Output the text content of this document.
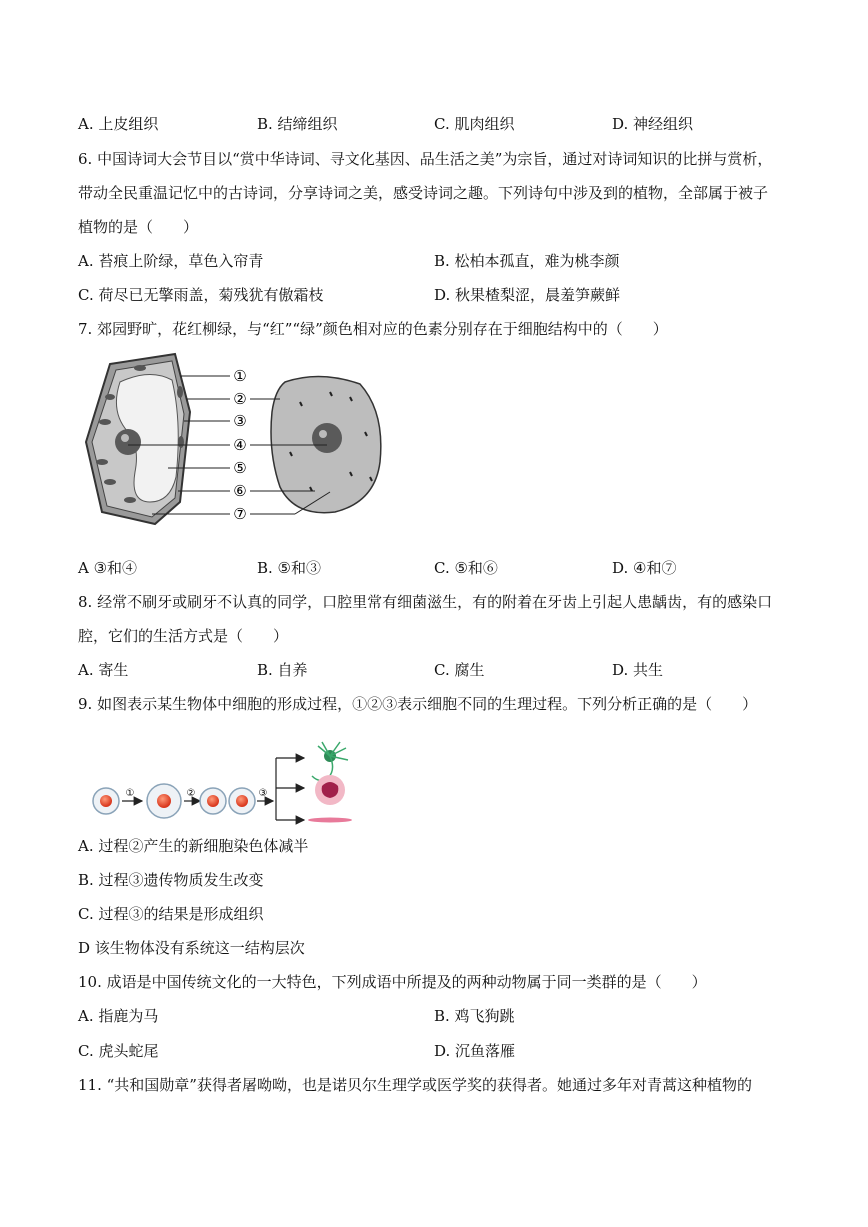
A. 上皮组织	B. 结缔组织	C. 肌肉组织	D. 神经组织
6. 中国诗词大会节目以“赏中华诗词、寻文化基因、品生活之美”为宗旨，通过对诗词知识的比拼与赏析，
带动全民重温记忆中的古诗词，分享诗词之美，感受诗词之趣。下列诗句中涉及到的植物，全部属于被子
植物的是（　　）
A. 苔痕上阶绿，草色入帘青	B. 松柏本孤直，难为桃李颜
C. 荷尽已无擎雨盖，菊残犹有傲霜枝	D. 秋果楂梨涩，晨羞笋蕨鲜
7. 郊园野旷，花红柳绿，与“红”“绿”颜色相对应的色素分别存在于细胞结构中的（　　）
①
②
③
④
⑤
⑥
⑦
A ③和④	B. ⑤和③	C. ⑤和⑥	D. ④和⑦
8. 经常不刷牙或刷牙不认真的同学，口腔里常有细菌滋生，有的附着在牙齿上引起人患龋齿，有的感染口
腔，它们的生活方式是（　　）
A. 寄生	B. 自养	C. 腐生	D. 共生
9. 如图表示某生物体中细胞的形成过程，①②③表示细胞不同的生理过程。下列分析正确的是（　　）
①	②	③
A. 过程②产生的新细胞染色体减半
B. 过程③遗传物质发生改变
C. 过程③的结果是形成组织
D 该生物体没有系统这一结构层次
10. 成语是中国传统文化的一大特色，下列成语中所提及的两种动物属于同一类群的是（　　）
A. 指鹿为马	B. 鸡飞狗跳
C. 虎头蛇尾	D. 沉鱼落雁
11. “共和国勋章”获得者屠呦呦，也是诺贝尔生理学或医学奖的获得者。她通过多年对青蒿这种植物的
